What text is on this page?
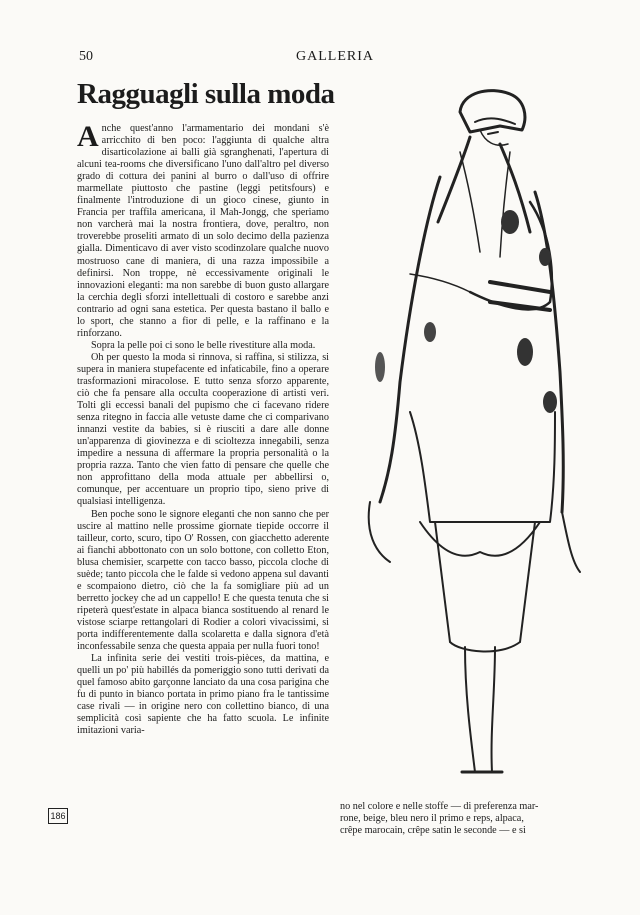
50	GALLERIA
Ragguagli sulla moda

Anche quest'anno l'armamentario dei mondani s'è arricchito di ben poco: l'aggiunta di qualche altra disarticolazione ai balli già sgranghenati, l'apertura di alcuni tea-rooms che diversificano l'uno dall'altro pel diverso grado di cottura dei panini al burro o dall'uso di offrire marmellate piuttosto che pastine (leggi petitsfours) e finalmente l'introduzione di un gioco cinese, giunto in Francia per traffila americana, il Mah-Jongg, che speriamo non varcherà mai la nostra frontiera, dove, peraltro, non troverebbe proseliti armato di un solo decimo della pazienza gialla. Dimenticavo di aver visto scodinzolare qualche nuovo mostruoso cane di maniera, di una razza impossibile a definirsi. Non troppe, nè eccessivamente originali le innovazioni eleganti: ma non sarebbe di buon gusto allargare la cerchia degli sforzi intellettuali di costoro e sarebbe anzi contrario ad ogni sana estetica. Per questa bastano il ballo e lo sport, che stanno a fior di pelle, e la raffinano e la rinforzano.

Sopra la pelle poi ci sono le belle rivestiture alla moda.

Oh per questo la moda si rinnova, si raffina, si stilizza, si supera in maniera stupefacente ed infaticabile, fino a operare trasformazioni miracolose. E tutto senza sforzo apparente, ciò che fa pensare alla occulta cooperazione di artisti veri. Tolti gli eccessi banali del pupismo che ci facevano ridere senza ritegno in faccia alle vetuste dame che ci comparivano innanzi vestite da babies, si è riusciti a dare alle donne un'apparenza di giovinezza e di scioltezza innegabili, senza impedire a nessuna di affermare la propria personalità o la propria razza. Tanto che vien fatto di pensare che quelle che non approfittano della moda attuale per abbellirsi o, comunque, per accentuare un proprio tipo, sieno prive di qualsiasi intelligenza.

Ben poche sono le signore eleganti che non sanno che per uscire al mattino nelle prossime giornate tiepide occorre il tailleur, corto, scuro, tipo O' Rossen, con giacchetto aderente ai fianchi abbottonato con un solo bottone, con colletto Eton, blusa chemisier, scarpette con tacco basso, piccola cloche di suède; tanto piccola che le falde si vedono appena sul davanti e scompaiono dietro, ciò che la fa somigliare più ad un berretto jockey che ad un cappello! E che questa tenuta che si ripeterà quest'estate in alpaca bianca sostituendo al renard le vistose sciarpe rettangolari di Rodier a colori vivacissimi, si porta indifferentemente dalla scolaretta e dalla signora d'età inconfessabile senza che questa appaia per nulla fuori tono!

La infinita serie dei vestiti trois-pièces, da mattina, e quelli un po' più habillés da pomeriggio sono tutti derivati da quel famoso abito garçonne lanciato da una cosa parigina che fu di punto in bianco portata in primo piano fra le tantissime case rivali — in origine nero con collettino bianco, di una semplicità così sapiente che ha fatto scuola. Le infinite imitazioni varia-

no nel colore e nelle stoffe — di preferenza mar-
rone, beige, bleu nero il primo e reps, alpaca,
crêpe marocain, crêpe satin le seconde — e si
186
